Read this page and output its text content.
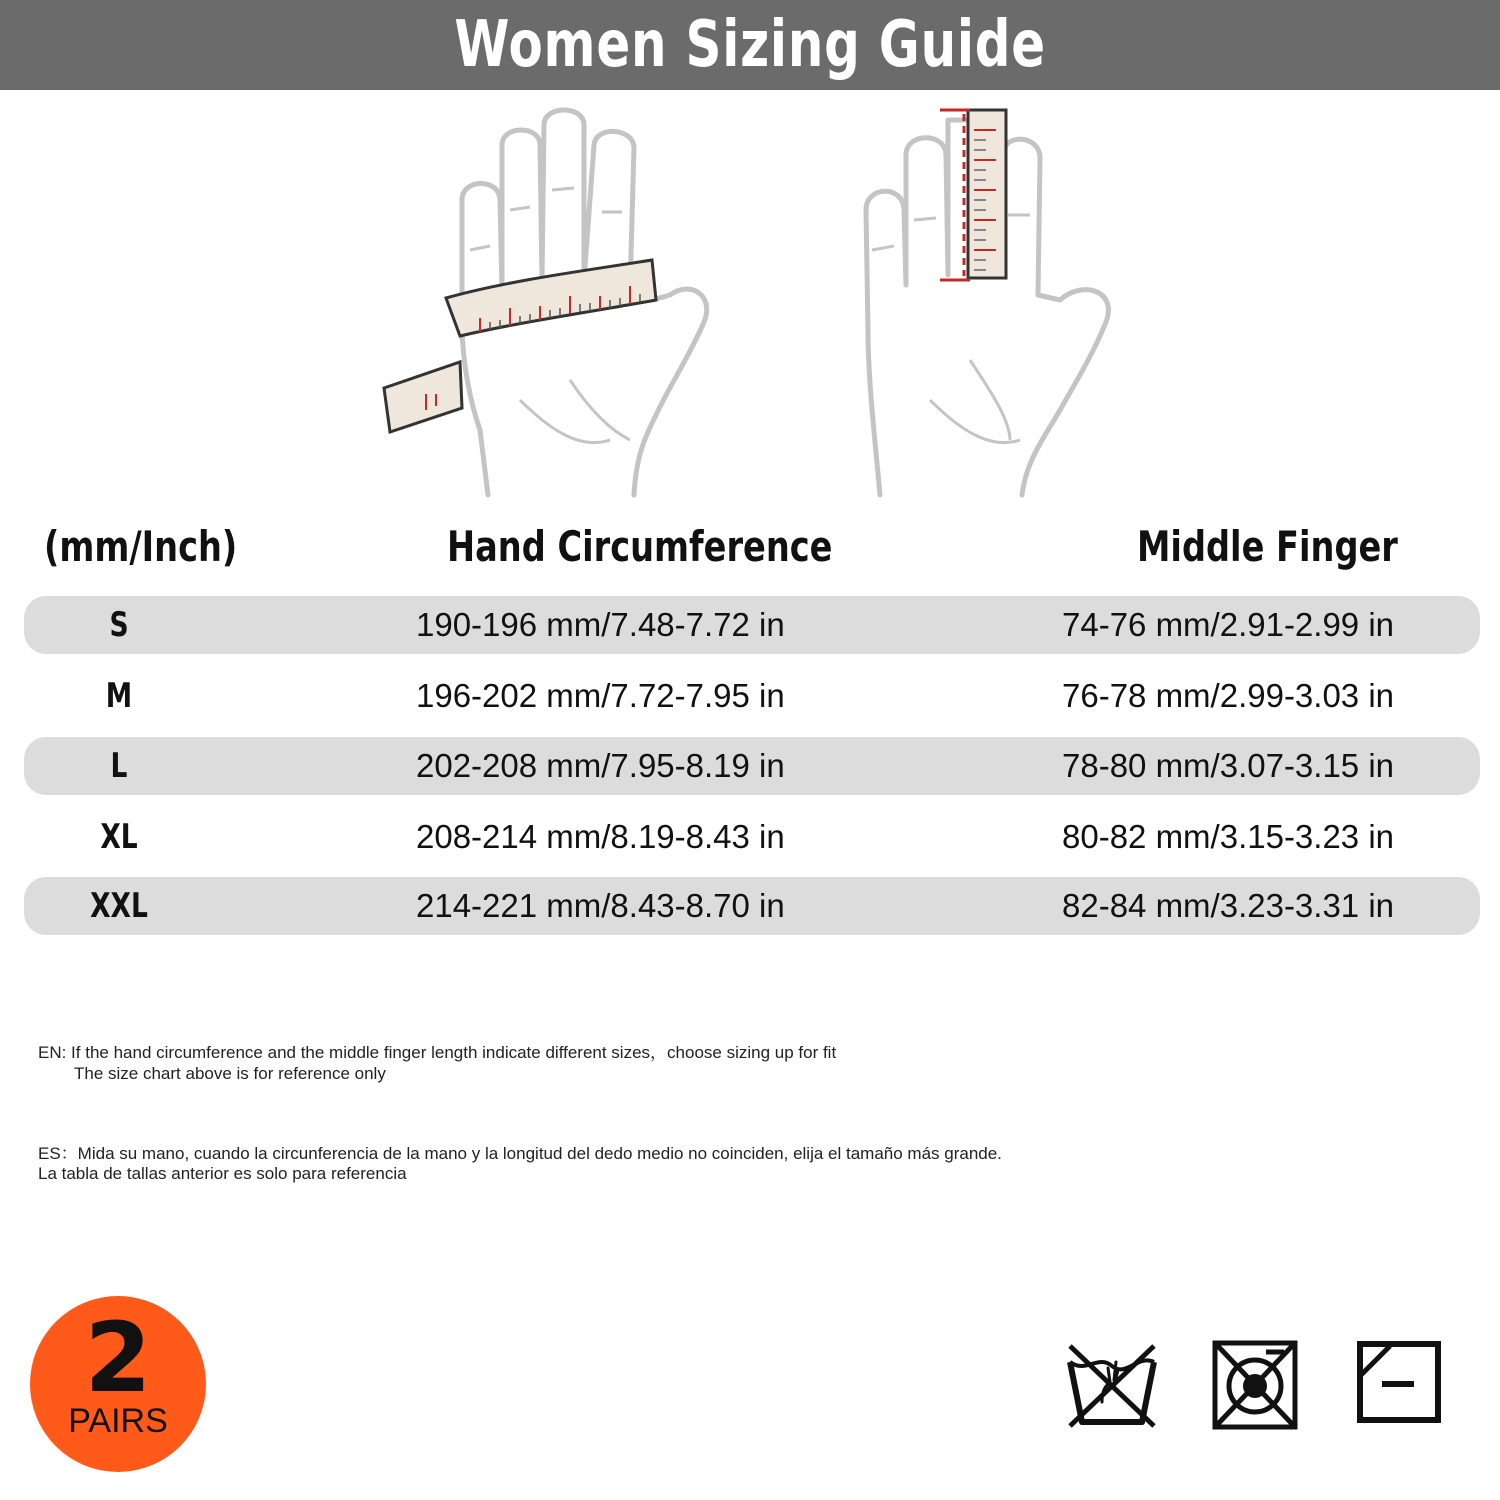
Women Sizing Guide
(mm/Inch)	Hand Circumference	Middle Finger
S	190-196 mm/7.48-7.72 in	74-76 mm/2.91-2.99 in
M	196-202 mm/7.72-7.95 in	76-78 mm/2.99-3.03 in
L	202-208 mm/7.95-8.19 in	78-80 mm/3.07-3.15 in
XL	208-214 mm/8.19-8.43 in	80-82 mm/3.15-3.23 in
XXL	214-221 mm/8.43-8.70 in	82-84 mm/3.23-3.31 in
EN: If the hand circumference and the middle finger length indicate different sizes，choose sizing up for fit
The size chart above is for reference only
ES：Mida su mano, cuando la circunferencia de la mano y la longitud del dedo medio no coinciden, elija el tamaño más grande.
La tabla de tallas anterior es solo para referencia
2
PAIRS
